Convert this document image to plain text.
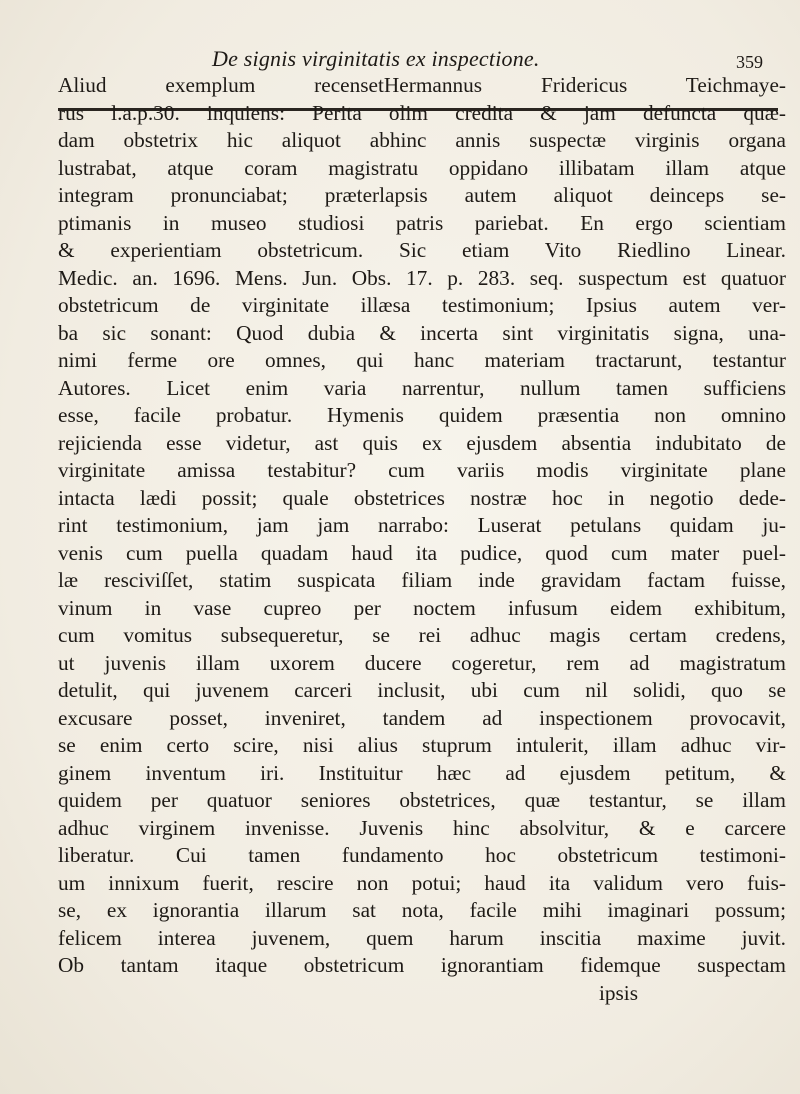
De signis virginitatis ex inspectione.	359
Aliud exemplum recensetHermannus Fridericus Teichmaye-
rus l.a.p.30. inquiens: Perita olim credita & jam defuncta quæ-
dam obstetrix hic aliquot abhinc annis suspectæ virginis organa
lustrabat, atque coram magistratu oppidano illibatam illam atque
integram pronunciabat; præterlapsis autem aliquot deinceps se-
ptimanis in museo studiosi patris pariebat. En ergo scientiam
& experientiam obstetricum. Sic etiam Vito Riedlino Linear.
Medic. an. 1696. Mens. Jun. Obs. 17. p. 283. seq. suspectum est quatuor
obstetricum de virginitate illæsa testimonium; Ipsius autem ver-
ba sic sonant: Quod dubia & incerta sint virginitatis signa, una-
nimi ferme ore omnes, qui hanc materiam tractarunt, testantur
Autores. Licet enim varia narrentur, nullum tamen sufficiens
esse, facile probatur. Hymenis quidem præsentia non omnino
rejicienda esse videtur, ast quis ex ejusdem absentia indubitato de
virginitate amissa testabitur? cum variis modis virginitate plane
intacta lædi possit; quale obstetrices nostræ hoc in negotio dede-
rint testimonium, jam jam narrabo: Luserat petulans quidam ju-
venis cum puella quadam haud ita pudice, quod cum mater puel-
læ resciviſſet, statim suspicata filiam inde gravidam factam fuisse,
vinum in vase cupreo per noctem infusum eidem exhibitum,
cum vomitus subsequeretur, se rei adhuc magis certam credens,
ut juvenis illam uxorem ducere cogeretur, rem ad magistratum
detulit, qui juvenem carceri inclusit, ubi cum nil solidi, quo se
excusare posset, inveniret, tandem ad inspectionem provocavit,
se enim certo scire, nisi alius stuprum intulerit, illam adhuc vir-
ginem inventum iri. Instituitur hæc ad ejusdem petitum, &
quidem per quatuor seniores obstetrices, quæ testantur, se illam
adhuc virginem invenisse. Juvenis hinc absolvitur, & e carcere
liberatur. Cui tamen fundamento hoc obstetricum testimoni-
um innixum fuerit, rescire non potui; haud ita validum vero fuis-
se, ex ignorantia illarum sat nota, facile mihi imaginari possum;
felicem interea juvenem, quem harum inscitia maxime juvit.
Ob tantam itaque obstetricum ignorantiam fidemque suspectam
ipsis
